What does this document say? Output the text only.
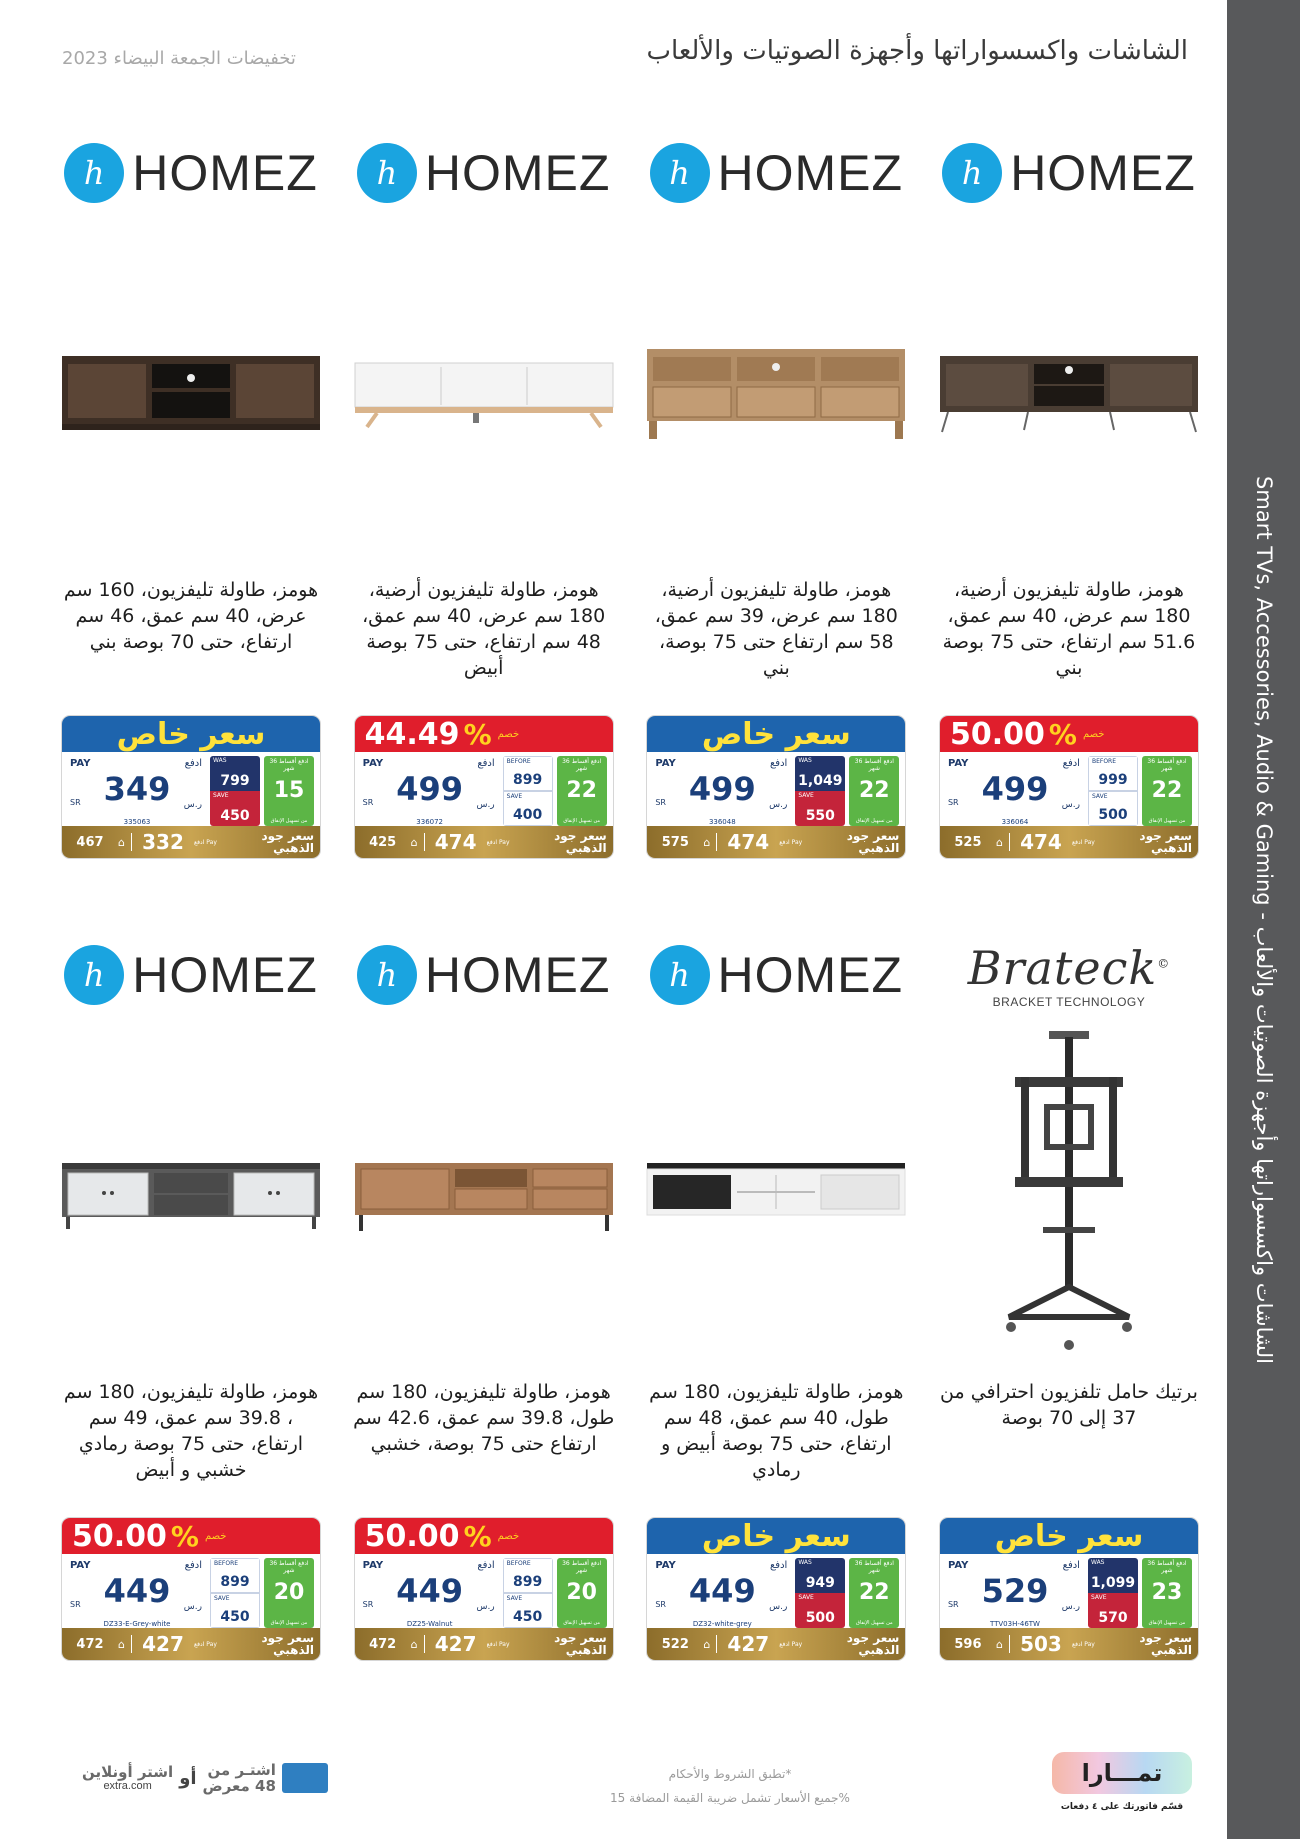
Smart TVs, Accessories, Audio & Gaming - الشاشات واكسسواراتها وأجهزة الصوتيات والألعاب
الشاشات واكسسواراتها وأجهزة الصوتيات والألعاب
تخفيضات الجمعة البيضاء 2023
h HOMEZ
هومز، طاولة تليفزيون أرضية، 180 سم عرض، 40 سم عمق، 51.6 سم ارتفاع، حتى 75 بوصة بني
50.00 % خصم
PAY	ادفع
499
SR	ر.س
336064
BEFORE
999
SAVE
500
ادفع أقساط 36 شهر
22
من تسهيل الإنفاق
525	⌂ 474	ادفع Pay	سعر جود الذهبي
h HOMEZ
هومز، طاولة تليفزيون أرضية، 180 سم عرض، 39 سم عمق، 58 سم ارتفاع حتى 75 بوصة، بني
سعر خاص
PAY	ادفع
499
SR	ر.س
336048
WAS
1,049
SAVE
550
ادفع أقساط 36 شهر
22
من تسهيل الإنفاق
575	⌂ 474	ادفع Pay	سعر جود الذهبي
h HOMEZ
هومز، طاولة تليفزيون أرضية، 180 سم عرض، 40 سم عمق، 48 سم ارتفاع، حتى 75 بوصة أبيض
44.49 % خصم
PAY	ادفع
499
SR	ر.س
336072
BEFORE
899
SAVE
400
ادفع أقساط 36 شهر
22
من تسهيل الإنفاق
425	⌂ 474	ادفع Pay	سعر جود الذهبي
h HOMEZ
هومز، طاولة تليفزيون، 160 سم عرض، 40 سم عمق، 46 سم ارتفاع، حتى 70 بوصة بني
سعر خاص
PAY	ادفع
349
SR	ر.س
335063
WAS
799
SAVE
450
ادفع أقساط 36 شهر
15
من تسهيل الإنفاق
467	⌂ 332	ادفع Pay	سعر جود الذهبي
Brateck©
BRACKET TECHNOLOGY
برتيك حامل تلفزيون احترافي من 37 إلى 70 بوصة
سعر خاص
PAY	ادفع
529
SR	ر.س
TTV03H-46TW
WAS
1,099
SAVE
570
ادفع أقساط 36 شهر
23
من تسهيل الإنفاق
596	⌂ 503	ادفع Pay	سعر جود الذهبي
h HOMEZ
هومز، طاولة تليفزيون، 180 سم طول، 40 سم عمق، 48 سم ارتفاع، حتى 75 بوصة أبيض و رمادي
سعر خاص
PAY	ادفع
449
SR	ر.س
DZ32-white-grey
WAS
949
SAVE
500
ادفع أقساط 36 شهر
22
من تسهيل الإنفاق
522	⌂ 427	ادفع Pay	سعر جود الذهبي
h HOMEZ
هومز، طاولة تليفزيون، 180 سم طول، 39.8 سم عمق، 42.6 سم ارتفاع حتى 75 بوصة، خشبي
50.00 % خصم
PAY	ادفع
449
SR	ر.س
DZ25-Walnut
BEFORE
899
SAVE
450
ادفع أقساط 36 شهر
20
من تسهيل الإنفاق
472	⌂ 427	ادفع Pay	سعر جود الذهبي
h HOMEZ
هومز، طاولة تليفزيون، 180 سم ، 39.8 سم عمق، 49 سم ارتفاع، حتى 75 بوصة رمادي خشبي و أبيض
50.00 % خصم
PAY	ادفع
449
SR	ر.س
DZ33-E-Grey-white
BEFORE
899
SAVE
450
ادفع أقساط 36 شهر
20
من تسهيل الإنفاق
472	⌂ 427	ادفع Pay	سعر جود الذهبي
اشتـر من
48 معرض
أو
اشتر أونلاين
extra.com
*تطبق الشروط والأحكام
%جميع الأسعار تشمل ضريبة القيمة المضافة 15
تمـــارا
قسّم فاتورتك على ٤ دفعات
